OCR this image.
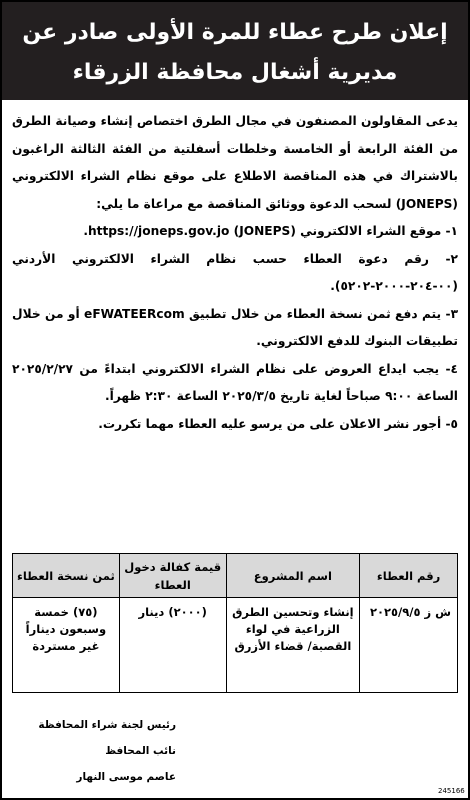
إعلان طرح عطاء للمرة الأولى صادر عن
مديرية أشغال محافظة الزرقاء

يدعى المقاولون المصنفون في مجال الطرق اختصاص إنشاء وصيانة الطرق من الفئة الرابعة أو الخامسة وخلطات أسفلتية من الفئة الثالثة الراغبون بالاشتراك في هذه المناقصة الاطلاع على موقع نظام الشراء الالكتروني (JONEPS) لسحب الدعوة ووثائق المناقصة مع مراعاة ما يلي:

١- موقع الشراء الالكتروني (JONEPS) https://joneps.gov.jo.

٢- رقم دعوة العطاء حسب نظام الشراء الالكتروني الأردني (٠٠-٢٠٤-٢٠٠٠-٥٢٠٢).

٣- يتم دفع ثمن نسخة العطاء من خلال تطبيق eFWATEERcom أو من خلال تطبيقات البنوك للدفع الالكتروني.

٤- يجب ايداع العروض على نظام الشراء الالكتروني ابتداءً من ٢٠٢٥/٢/٢٧ الساعة ٩:٠٠ صباحاً لغاية تاريخ ٢٠٢٥/٣/٥ الساعة ٢:٣٠ ظهراً.

٥- أجور نشر الاعلان على من يرسو عليه العطاء مهما تكررت.

رقم العطاء	اسم المشروع	قيمة كفالة دخول العطاء	ثمن نسخة العطاء
ش ز ٢٠٢٥/٩/٥	إنشاء وتحسين الطرق الزراعية في لواء القصبة/ قضاء الأزرق	(٢٠٠٠) دينار	(٧٥) خمسة وسبعون ديناراً غير مستردة
رئيس لجنة شراء المحافظة
نائب المحافظ
عاصم موسى النهار
245166
